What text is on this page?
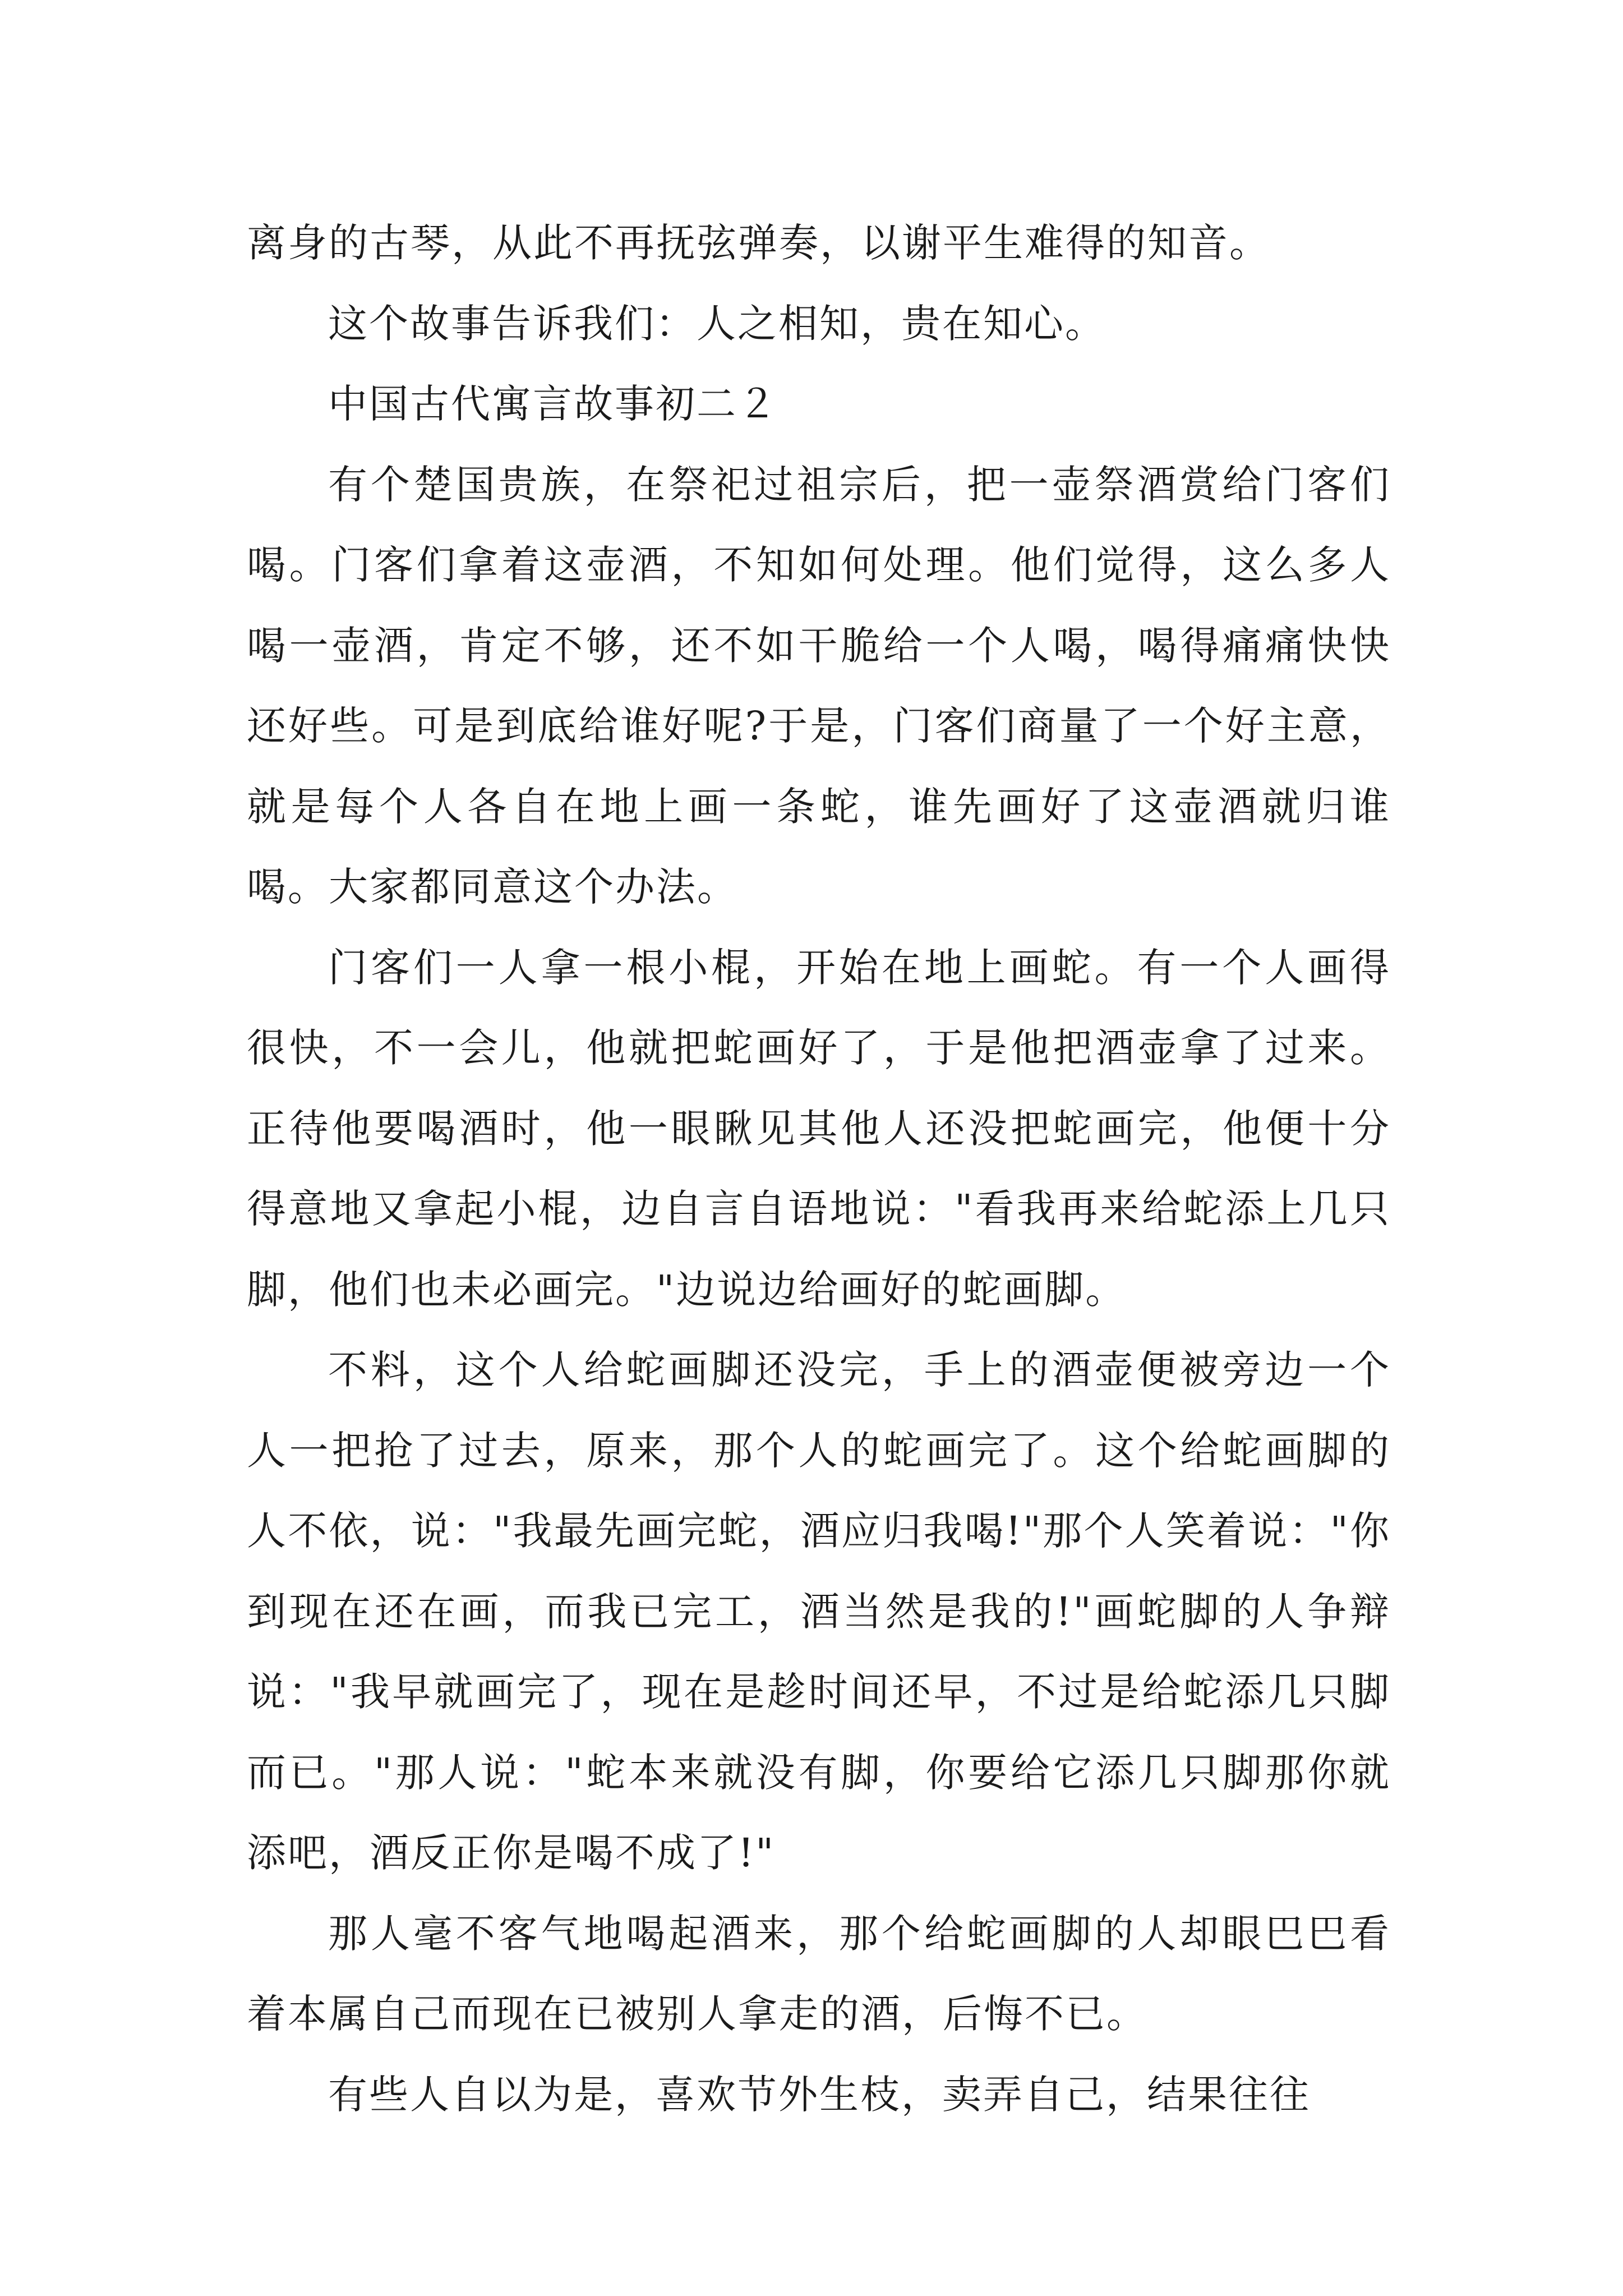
离身的古琴，从此不再抚弦弹奏，以谢平生难得的知音。

这个故事告诉我们：人之相知，贵在知心。

中国古代寓言故事初二２

有个楚国贵族，在祭祀过祖宗后，把一壶祭酒赏给门客们喝。门客们拿着这壶酒，不知如何处理。他们觉得，这么多人喝一壶酒，肯定不够，还不如干脆给一个人喝，喝得痛痛快快还好些。可是到底给谁好呢?于是，门客们商量了一个好主意，就是每个人各自在地上画一条蛇，谁先画好了这壶酒就归谁喝。大家都同意这个办法。

门客们一人拿一根小棍，开始在地上画蛇。有一个人画得很快，不一会儿，他就把蛇画好了，于是他把酒壶拿了过来。正待他要喝酒时，他一眼瞅见其他人还没把蛇画完，他便十分得意地又拿起小棍，边自言自语地说："看我再来给蛇添上几只脚，他们也未必画完。"边说边给画好的蛇画脚。

不料，这个人给蛇画脚还没完，手上的酒壶便被旁边一个人一把抢了过去，原来，那个人的蛇画完了。这个给蛇画脚的人不依，说："我最先画完蛇，酒应归我喝!"那个人笑着说："你到现在还在画，而我已完工，酒当然是我的!"画蛇脚的人争辩说："我早就画完了，现在是趁时间还早，不过是给蛇添几只脚而已。"那人说："蛇本来就没有脚，你要给它添几只脚那你就添吧，酒反正你是喝不成了!"

那人毫不客气地喝起酒来，那个给蛇画脚的人却眼巴巴看着本属自己而现在已被别人拿走的酒，后悔不已。

有些人自以为是，喜欢节外生枝，卖弄自己，结果往往
